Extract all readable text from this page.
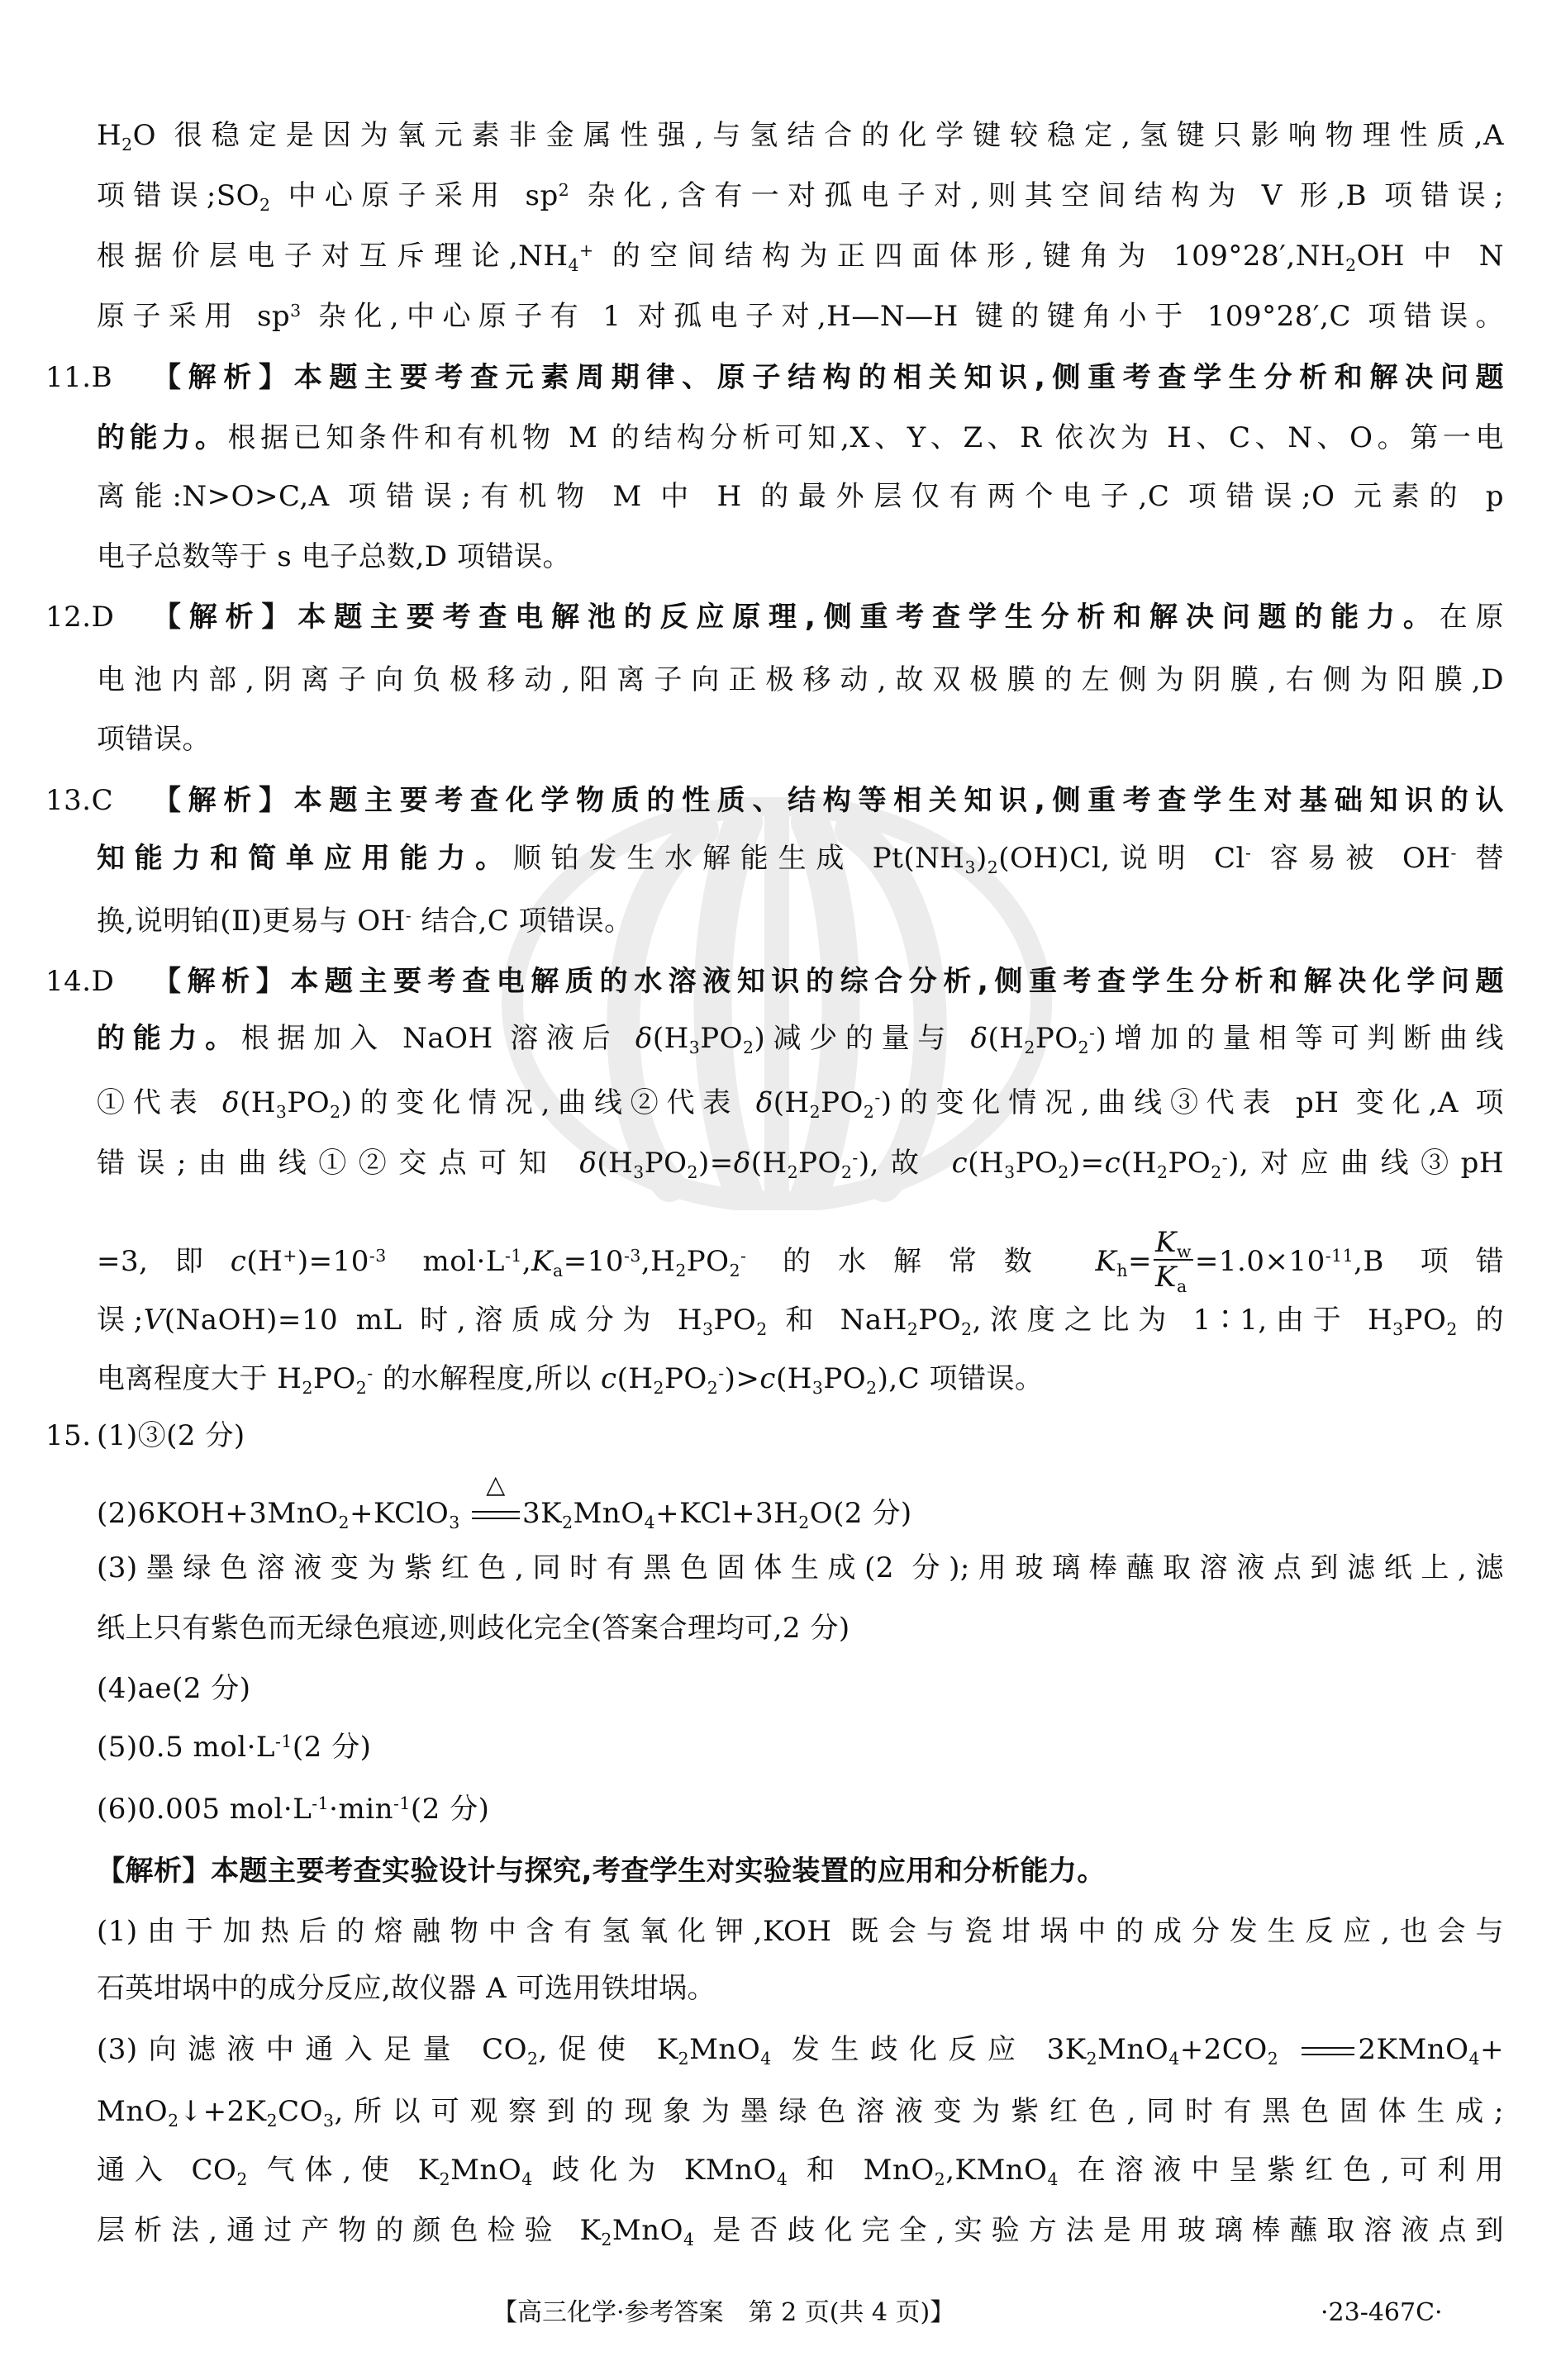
$H_2O$ 很稳定是因为氧元素非金属性强,与氢结合的化学键较稳定,氢键只影响物理性质,A
项错误$;SO_2$ 中心原子采用 $sp^2$ 杂化,含有一对孤电子对,则其空间结构为 V 形,B 项错误;
根据价层电子对互斥理论$,NH_4^+$ 的空间结构为正四面体形,键角为 $109^\circ 28',NH_2OH$ 中 N
原子采用 $sp^3$ 杂化,中心原子有 1 对孤电子对,H—N—H 键的键角小于 109°28′,C 项错误。
11.B 【解析】本题主要考查元素周期律、原子结构的相关知识,侧重考查学生分析和解决问题
的能力。根据已知条件和有机物 M 的结构分析可知,X、Y、Z、R 依次为 H、C、N、O。第一电
离能:N>O>C,A 项错误;有机物 M 中 H 的最外层仅有两个电子,C 项错误;O 元素的 p
电子总数等于 s 电子总数,D 项错误。
12.D 【解析】本题主要考查电解池的反应原理,侧重考查学生分析和解决问题的能力。在原
电池内部,阴离子向负极移动,阳离子向正极移动,故双极膜的左侧为阴膜,右侧为阳膜,D
项错误。
13.C 【解析】本题主要考查化学物质的性质、结构等相关知识,侧重考查学生对基础知识的认
知能力和简单应用能力。顺铂发生水解能生成 $Pt(NH_3)_2(OH)Cl$,说明 Cl- 容易被 OH- 替
换,说明铂(Ⅱ)更易与 OH- 结合,C 项错误。
14.D 【解析】本题主要考查电解质的水溶液知识的综合分析,侧重考查学生分析和解决化学问题
的能力。根据加入 NaOH 溶液后 $\delta(H_3PO_2)$减少的量与 $\delta(H_2PO_2^-)$增加的量相等可判断曲线
①代表 $\delta(H_3PO_2)$的变化情况,曲线②代表 $\delta(H_2PO_2^-)$的变化情况,曲线③代表 pH 变化,A 项
错误;由曲线①②交点可知 $\delta(H_3PO_2)=\delta(H_2PO_2^-)$,故 $c(H_3PO_2)=c(H_2PO_2^-)$,对应曲线③pH
=3,即$c(H^+)=10^{-3}$ $mol\cdot L^{-1},K_a=10^{-3},H_2PO_2^-$ 的水解常数 $K_h= \frac{K_w}{K_a} =1.0\times 10^{-11},B$ 项错
误;V(NaOH)=10 mL 时,溶质成分为 $H_3PO_2$ 和 $NaH_2PO_2$,浓度之比为 1∶1,由于 $H_3PO_2$ 的
电离程度大于 $H_2PO_2^-$ 的水解程度,所以 $c(H_2PO_2^-)>c(H_3PO_2),C$ 项错误。
15. (1)③(2 分)
(2)6KOH+3MnO$_2$+KClO$_3$
△
$3K_2MnO_4+KCl+3H_2O(2$ 分)
(3)墨绿色溶液变为紫红色,同时有黑色固体生成(2 分);用玻璃棒蘸取溶液点到滤纸上,滤
纸上只有紫色而无绿色痕迹,则歧化完全(答案合理均可,2 分)
(4)ae(2 分)
(5)0.5 $mol\cdot L^{-1}(2$ 分)
(6)0.005 $mol\cdot L^{-1}\cdot\min^{-1}(2$ 分)
【解析】本题主要考查实验设计与探究,考查学生对实验装置的应用和分析能力。
(1)由于加热后的熔融物中含有氢氧化钾,KOH 既会与瓷坩埚中的成分发生反应,也会与
石英坩埚中的成分反应,故仪器 A 可选用铁坩埚。
(3)向滤液中通入足量 $CO_2$,促使 $K_2MnO_4$ 发生歧化反应 $3K_2MnO_4+2CO_2$	2KMnO$_4$+
$MnO_2↓+2K_2CO_3$,所以可观察到的现象为墨绿色溶液变为紫红色,同时有黑色固体生成;
通入 $CO_2$ 气体,使 $K_2MnO_4$ 歧化为 KMnO$_4$ 和 MnO$_2$,KMnO$_4$ 在溶液中呈紫红色,可利用
层析法,通过产物的颜色检验 $K_2MnO_4$ 是否歧化完全,实验方法是用玻璃棒蘸取溶液点到
【高三化学·参考答案　第 2 页(共 4 页)】	·23-467C·
